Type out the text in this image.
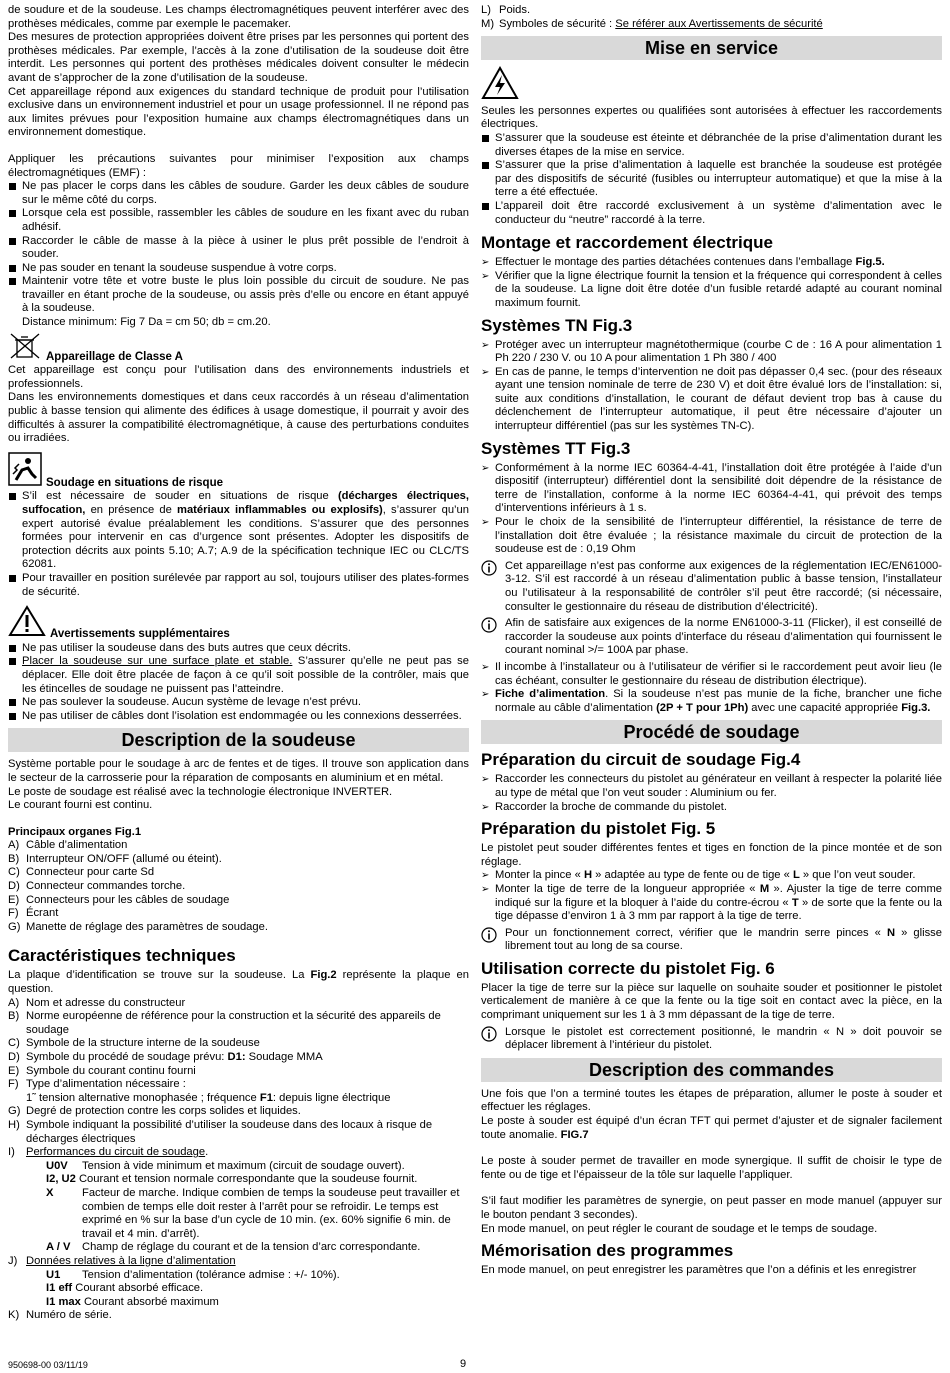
de soudure et de la soudeuse. Les champs électromagnétiques peuvent interférer avec des prothèses médicales, comme par exemple le pacemaker.

Des mesures de protection appropriées doivent être prises par les personnes qui portent des prothèses médicales. Par exemple, l’accès à la zone d’utilisation de la soudeuse doit être interdit. Les personnes qui portent des prothèses médicales doivent consulter le médecin avant de s’approcher de la zone d’utilisation de la soudeuse.

Cet appareillage répond aux exigences du standard technique de produit pour l’utilisation exclusive dans un environnement industriel et pour un usage professionnel. Il ne répond pas aux limites prévues pour l’exposition humaine aux champs électromagnétiques dans un environnement domestique.

Appliquer les précautions suivantes pour minimiser l’exposition aux champs électromagnétiques (EMF) :

Ne pas placer le corps dans les câbles de soudure. Garder les deux câbles de soudure sur le même côté du corps.
Lorsque cela est possible, rassembler les câbles de soudure en les fixant avec du ruban adhésif.
Raccorder le câble de masse à la pièce à usiner le plus prêt possible de l’endroit à souder.
Ne pas souder en tenant la soudeuse suspendue à votre corps.
Maintenir votre tête et votre buste le plus loin possible du circuit de soudure. Ne pas travailler en étant proche de la soudeuse, ou assis près d’elle ou encore en étant appuyé à la soudeuse.
Distance minimum: Fig 7 Da = cm 50; db = cm.20.
Appareillage de Classe A

Cet appareillage est conçu pour l’utilisation dans des environnements industriels et professionnels.

Dans les environnements domestiques et dans ceux raccordés à un réseau d’alimentation public à basse tension qui alimente des édifices à usage domestique, il pourrait y avoir des difficultés à assurer la compatibilité électromagnétique, à cause des perturbations conduites ou irradiées.

Soudage en situations de risque
S’il est nécessaire de souder en situations de risque (décharges électriques, suffocation, en présence de matériaux inflammables ou explosifs), s’assurer qu’un expert autorisé évalue préalablement les conditions. S’assurer que des personnes formées pour intervenir en cas d’urgence sont présentes. Adopter les dispositifs de protection décrits aux points 5.10; A.7; A.9 de la spécification technique IEC ou CLC/TS 62081.
Pour travailler en position surélevée par rapport au sol, toujours utiliser des plates-formes de sécurité.
Avertissements supplémentaires
Ne pas utiliser la soudeuse dans des buts autres que ceux décrits.
Placer la soudeuse sur une surface plate et stable. S’assurer qu’elle ne peut pas se déplacer. Elle doit être placée de façon à ce qu’il soit possible de la contrôler, mais que les étincelles de soudage ne puissent pas l’atteindre.
Ne pas soulever la soudeuse. Aucun système de levage n’est prévu.
Ne pas utiliser de câbles dont l’isolation est endommagée ou les connexions desserrées.
Description de la soudeuse

Système portable pour le soudage à arc de fentes et de tiges. Il trouve son application dans le secteur de la carrosserie pour la réparation de composants en aluminium et en métal.

Le poste de soudage est réalisé avec la technologie électronique INVERTER.

Le courant fourni est continu.

Principaux organes Fig.1

A) Câble d’alimentation
B) Interrupteur ON/OFF (allumé ou éteint).
C) Connecteur pour carte Sd
D) Connecteur commandes torche.
E) Connecteurs pour les câbles de soudage
F) Écrant
G) Manette de réglage des paramètres de soudage.
Caractéristiques techniques

La plaque d’identification se trouve sur la soudeuse. La Fig.2 représente la plaque en question.

A) Nom et adresse du constructeur
B) Norme européenne de référence pour la construction et la sécurité des appareils de soudage
C) Symbole de la structure interne de la soudeuse
D) Symbole du procédé de soudage prévu: D1: Soudage MMA
E) Symbole du courant continu fourni
F) Type d’alimentation nécessaire :
1˜ tension alternative monophasée ; fréquence F1: depuis ligne électrique
G) Degré de protection contre les corps solides et liquides.
H) Symbole indiquant la possibilité d’utiliser la soudeuse dans des locaux à risque de décharges électriques
I) Performances du circuit de soudage.
U0V Tension à vide minimum et maximum (circuit de soudage ouvert).
I2, U2 Courant et tension normale correspondante que la soudeuse fournit.
X	Facteur de marche. Indique combien de temps la soudeuse peut travailler et combien de temps elle doit rester à l’arrêt pour se refroidir. Le temps est exprimé en % sur la base d’un cycle de 10 min. (ex. 60% signifie 6 min. de travail et 4 min. d’arrêt).
A / V Champ de réglage du courant et de la tension d’arc correspondante.
J) Données relatives à la ligne d’alimentation
U1 Tension d’alimentation (tolérance admise : +/- 10%).
I1 eff Courant absorbé efficace.
I1 max Courant absorbé maximum
K) Numéro de série.
L) Poids.
M) Symboles de sécurité : Se référer aux Avertissements de sécurité
Mise en service

Seules les personnes expertes ou qualifiées sont autorisées à effectuer les raccordements électriques.

S’assurer que la soudeuse est éteinte et débranchée de la prise d’alimentation durant les diverses étapes de la mise en service.
S’assurer que la prise d’alimentation à laquelle est branchée la soudeuse est protégée par des dispositifs de sécurité (fusibles ou interrupteur automatique) et que la mise à la terre a été effectuée.
L’appareil doit être raccordé exclusivement à un système d’alimentation avec le conducteur du “neutre” raccordé à la terre.
Montage et raccordement électrique
➢ Effectuer le montage des parties détachées contenues dans l’emballage Fig.5.
➢ Vérifier que la ligne électrique fournit la tension et la fréquence qui correspondent à celles de la soudeuse. La ligne doit être dotée d’un fusible retardé adapté au courant nominal maximum fournit.
Systèmes TN Fig.3
➢ Protéger avec un interrupteur magnétothermique (courbe C de : 16 A pour alimentation 1 Ph 220 / 230 V. ou 10 A pour alimentation 1 Ph 380 / 400
➢ En cas de panne, le temps d’intervention ne doit pas dépasser 0,4 sec. (pour des réseaux ayant une tension nominale de terre de 230 V) et doit être évalué lors de l’installation: si, suite aux conditions d’installation, le courant de défaut devient trop bas à cause du déclenchement de l’interrupteur automatique, il peut être nécessaire d’ajouter un interrupteur différentiel (pas sur les systèmes TN-C).
Systèmes TT Fig.3
➢ Conformément à la norme IEC 60364-4-41, l’installation doit être protégée à l’aide d’un dispositif (interrupteur) différentiel dont la sensibilité doit dépendre de la résistance de terre de l’installation, conforme à la norme IEC 60364-4-41, qui prévoit des temps d’interventions inférieurs à 1 s.
➢ Pour le choix de la sensibilité de l’interrupteur différentiel, la résistance de terre de l’installation doit être évaluée ; la résistance maximale du circuit de protection de la soudeuse est de : 0,19 Ohm
Cet appareillage n’est pas conforme aux exigences de la réglementation IEC/EN61000-3-12. S’il est raccordé à un réseau d’alimentation public à basse tension, l’installateur ou l’utilisateur à la responsabilité de contrôler s’il peut être raccordé; (si nécessaire, consulter le gestionnaire du réseau de distribution d’électricité).
Afin de satisfaire aux exigences de la norme EN61000-3-11 (Flicker), il est conseillé de raccorder la soudeuse aux points d’interface du réseau d’alimentation qui fournissent le courant nominal >/= 100A par phase.
➢ Il incombe à l’installateur ou à l’utilisateur de vérifier si le raccordement peut avoir lieu (le cas échéant, consulter le gestionnaire du réseau de distribution électrique).
➢ Fiche d’alimentation. Si la soudeuse n’est pas munie de la fiche, brancher une fiche normale au câble d’alimentation (2P + T pour 1Ph) avec une capacité appropriée Fig.3.
Procédé de soudage
Préparation du circuit de soudage Fig.4
➢ Raccorder les connecteurs du pistolet au générateur en veillant à respecter la polarité liée au type de métal que l’on veut souder : Aluminium ou fer.
➢ Raccorder la broche de commande du pistolet.
Préparation du pistolet Fig. 5

Le pistolet peut souder différentes fentes et tiges en fonction de la pince montée et de son réglage.

➢ Monter la pince « H » adaptée au type de fente ou de tige « L » que l’on veut souder.
➢ Monter la tige de terre de la longueur appropriée « M ». Ajuster la tige de terre comme indiqué sur la figure et la bloquer à l’aide du contre-écrou « T » de sorte que la fente ou la tige dépasse d’environ 1 à 3 mm par rapport à la tige de terre.
Pour un fonctionnement correct, vérifier que le mandrin serre pinces « N » glisse librement tout au long de sa course.
Utilisation correcte du pistolet Fig. 6

Placer la tige de terre sur la pièce sur laquelle on souhaite souder et positionner le pistolet verticalement de manière à ce que la fente ou la tige soit en contact avec la pièce, en la comprimant uniquement sur les 1 à 3 mm dépassant de la tige de terre.

Lorsque le pistolet est correctement positionné, le mandrin « N » doit pouvoir se déplacer librement à l’intérieur du pistolet.
Description des commandes

Une fois que l’on a terminé toutes les étapes de préparation, allumer le poste à souder et effectuer les réglages.

Le poste à souder est équipé d’un écran TFT qui permet d’ajuster et de signaler facilement toute anomalie. FIG.7

Le poste à souder permet de travailler en mode synergique. Il suffit de choisir le type de fente ou de tige et l’épaisseur de la tôle sur laquelle l’appliquer.

S’il faut modifier les paramètres de synergie, on peut passer en mode manuel (appuyer sur le bouton pendant 3 secondes).

En mode manuel, on peut régler le courant de soudage et le temps de soudage.

Mémorisation des programmes

En mode manuel, on peut enregistrer les paramètres que l’on a définis et les enregistrer

950698-00 03/11/19	9
